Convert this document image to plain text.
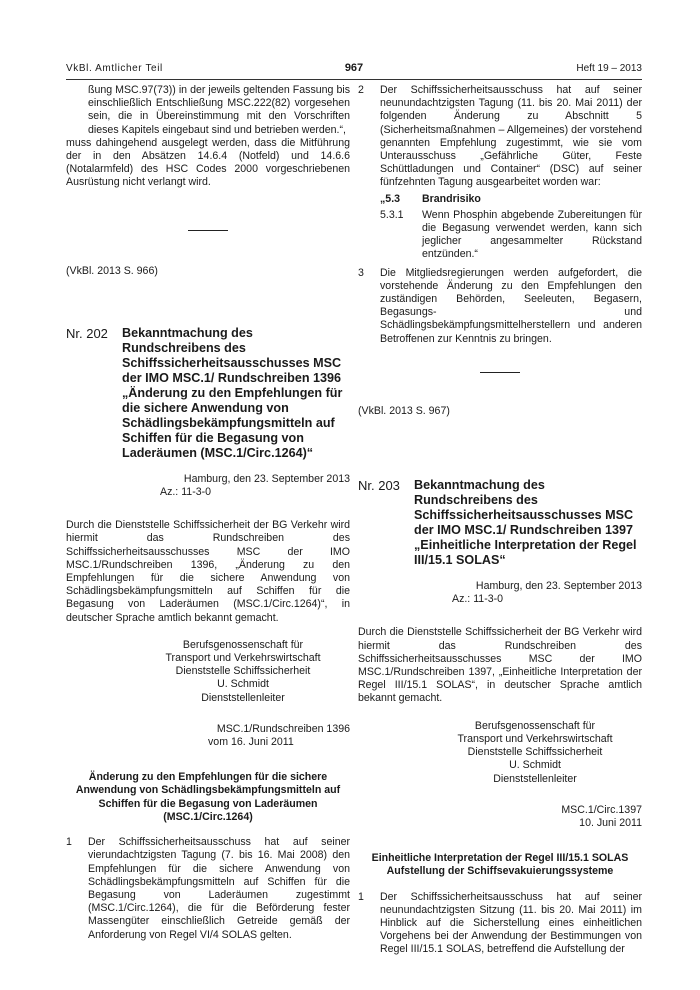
VkBl. Amtlicher Teil	967	Heft 19 – 2013

ßung MSC.97(73)) in der jeweils geltenden Fassung bis einschließlich Entschließung MSC.222(82) vorgesehen sein, die in Übereinstimmung mit den Vorschriften dieses Kapitels eingebaut sind und betrieben werden.“,

muss dahingehend ausgelegt werden, dass die Mitführung der in den Absätzen 14.6.4 (Notfeld) und 14.6.6 (Notalarmfeld) des HSC Codes 2000 vorgeschriebenen Ausrüstung nicht verlangt wird.

(VkBl. 2013 S. 966)

Nr. 202 Bekanntmachung des Rundschreibens des Schiffssicherheitsausschusses MSC der IMO MSC.1/ Rundschreiben 1396 „Änderung zu den Empfehlungen für die sichere Anwendung von Schädlingsbekämpfungsmitteln auf Schiffen für die Begasung von Laderäumen (MSC.1/Circ.1264)“

Hamburg, den 23. September 2013

Az.: 11-3-0

Durch die Dienststelle Schiffssicherheit der BG Verkehr wird hiermit das Rundschreiben des Schiffssicherheitsausschusses MSC der IMO MSC.1/Rundschreiben 1396, „Änderung zu den Empfehlungen für die sichere Anwendung von Schädlingsbekämpfungsmitteln auf Schiffen für die Begasung von Laderäumen (MSC.1/Circ.1264)“, in deutscher Sprache amtlich bekannt gemacht.

Berufsgenossenschaft für

Transport und Verkehrswirtschaft

Dienststelle Schiffssicherheit

U. Schmidt

Dienststellenleiter

MSC.1/Rundschreiben 1396

vom 16. Juni 2011

Änderung zu den Empfehlungen für die sichere Anwendung von Schädlingsbekämpfungsmitteln auf Schiffen für die Begasung von Laderäumen (MSC.1/Circ.1264)

1 Der Schiffssicherheitsausschuss hat auf seiner vierundachtzigsten Tagung (7. bis 16. Mai 2008) den Empfehlungen für die sichere Anwendung von Schädlingsbekämpfungsmitteln auf Schiffen für die Begasung von Laderäumen zugestimmt (MSC.1/Circ.1264), die für die Beförderung fester Massengüter einschließlich Getreide gemäß der Anforderung von Regel VI/4 SOLAS gelten.

2 Der Schiffssicherheitsausschuss hat auf seiner neunundachtzigsten Tagung (11. bis 20. Mai 2011) der folgenden Änderung zu Abschnitt 5 (Sicherheitsmaßnahmen – Allgemeines) der vorstehend genannten Empfehlung zugestimmt, wie sie vom Unterausschuss „Gefährliche Güter, Feste Schüttladungen und Container“ (DSC) auf seiner fünfzehnten Tagung ausgearbeitet worden war:

„5.3 Brandrisiko
5.3.1 Wenn Phosphin abgebende Zubereitungen für die Begasung verwendet werden, kann sich jeglicher angesammelter Rückstand entzünden.“

3 Die Mitgliedsregierungen werden aufgefordert, die vorstehende Änderung zu den Empfehlungen den zuständigen Behörden, Seeleuten, Begasern, Begasungs- und Schädlingsbekämpfungsmittelherstellern und anderen Betroffenen zur Kenntnis zu bringen.

(VkBl. 2013 S. 967)

Nr. 203 Bekanntmachung des Rundschreibens des Schiffssicherheitsausschusses MSC der IMO MSC.1/ Rundschreiben 1397 „Einheitliche Interpretation der Regel III/15.1 SOLAS“

Hamburg, den 23. September 2013

Az.: 11-3-0

Durch die Dienststelle Schiffssicherheit der BG Verkehr wird hiermit das Rundschreiben des Schiffssicherheitsausschusses MSC der IMO MSC.1/Rundschreiben 1397, „Einheitliche Interpretation der Regel III/15.1 SOLAS“, in deutscher Sprache amtlich bekannt gemacht.

Berufsgenossenschaft für

Transport und Verkehrswirtschaft

Dienststelle Schiffssicherheit

U. Schmidt

Dienststellenleiter

MSC.1/Circ.1397

10. Juni 2011

Einheitliche Interpretation der Regel III/15.1 SOLAS

Aufstellung der Schiffsevakuierungssysteme

1 Der Schiffssicherheitsausschuss hat auf seiner neunundachtzigsten Sitzung (11. bis 20. Mai 2011) im Hinblick auf die Sicherstellung eines einheitlichen Vorgehens bei der Anwendung der Bestimmungen von Regel III/15.1 SOLAS, betreffend die Aufstellung der
